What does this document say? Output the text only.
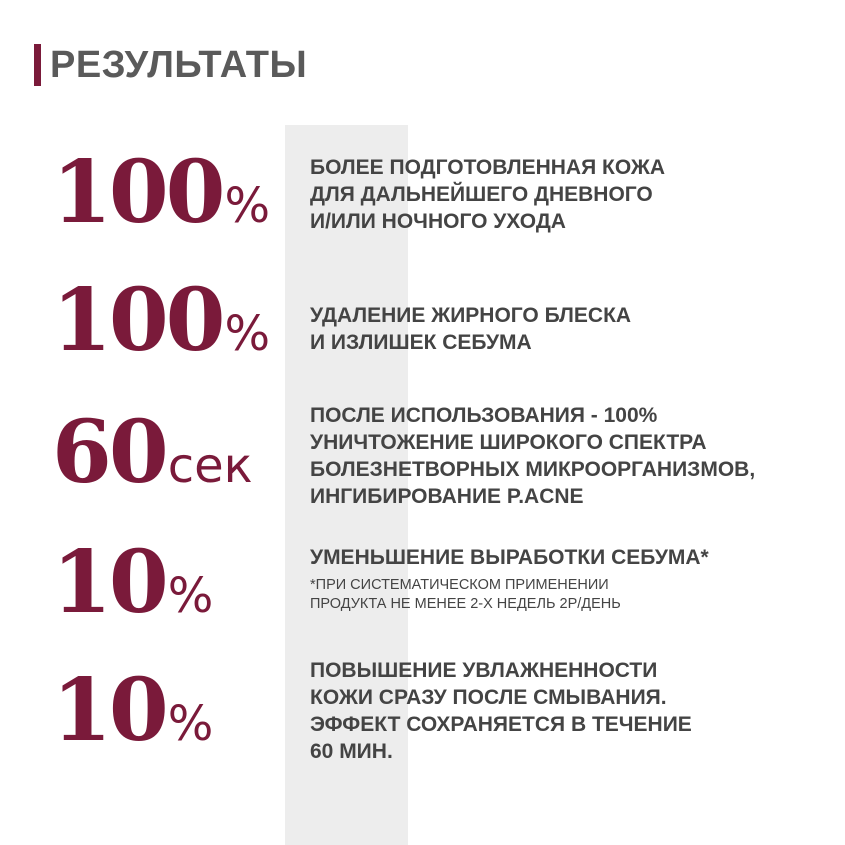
РЕЗУЛЬТАТЫ
100%
БОЛЕЕ ПОДГОТОВЛЕННАЯ КОЖА
ДЛЯ ДАЛЬНЕЙШЕГО ДНЕВНОГО
И/ИЛИ НОЧНОГО УХОДА
100% УДАЛЕНИЕ ЖИРНОГО БЛЕСКА
И ИЗЛИШЕК СЕБУМА
60сек
ПОСЛЕ ИСПОЛЬЗОВАНИЯ - 100%
УНИЧТОЖЕНИЕ ШИРОКОГО СПЕКТРА
БОЛЕЗНЕТВОРНЫХ МИКРООРГАНИЗМОВ,
ИНГИБИРОВАНИЕ P.ACNE
10%
УМЕНЬШЕНИЕ ВЫРАБОТКИ СЕБУМА*
*ПРИ СИСТЕМАТИЧЕСКОМ ПРИМЕНЕНИИ
ПРОДУКТА НЕ МЕНЕЕ 2-Х НЕДЕЛЬ 2Р/ДЕНЬ
10%
ПОВЫШЕНИЕ УВЛАЖНЕННОСТИ
КОЖИ СРАЗУ ПОСЛЕ СМЫВАНИЯ.
ЭФФЕКТ СОХРАНЯЕТСЯ В ТЕЧЕНИЕ
60 МИН.
